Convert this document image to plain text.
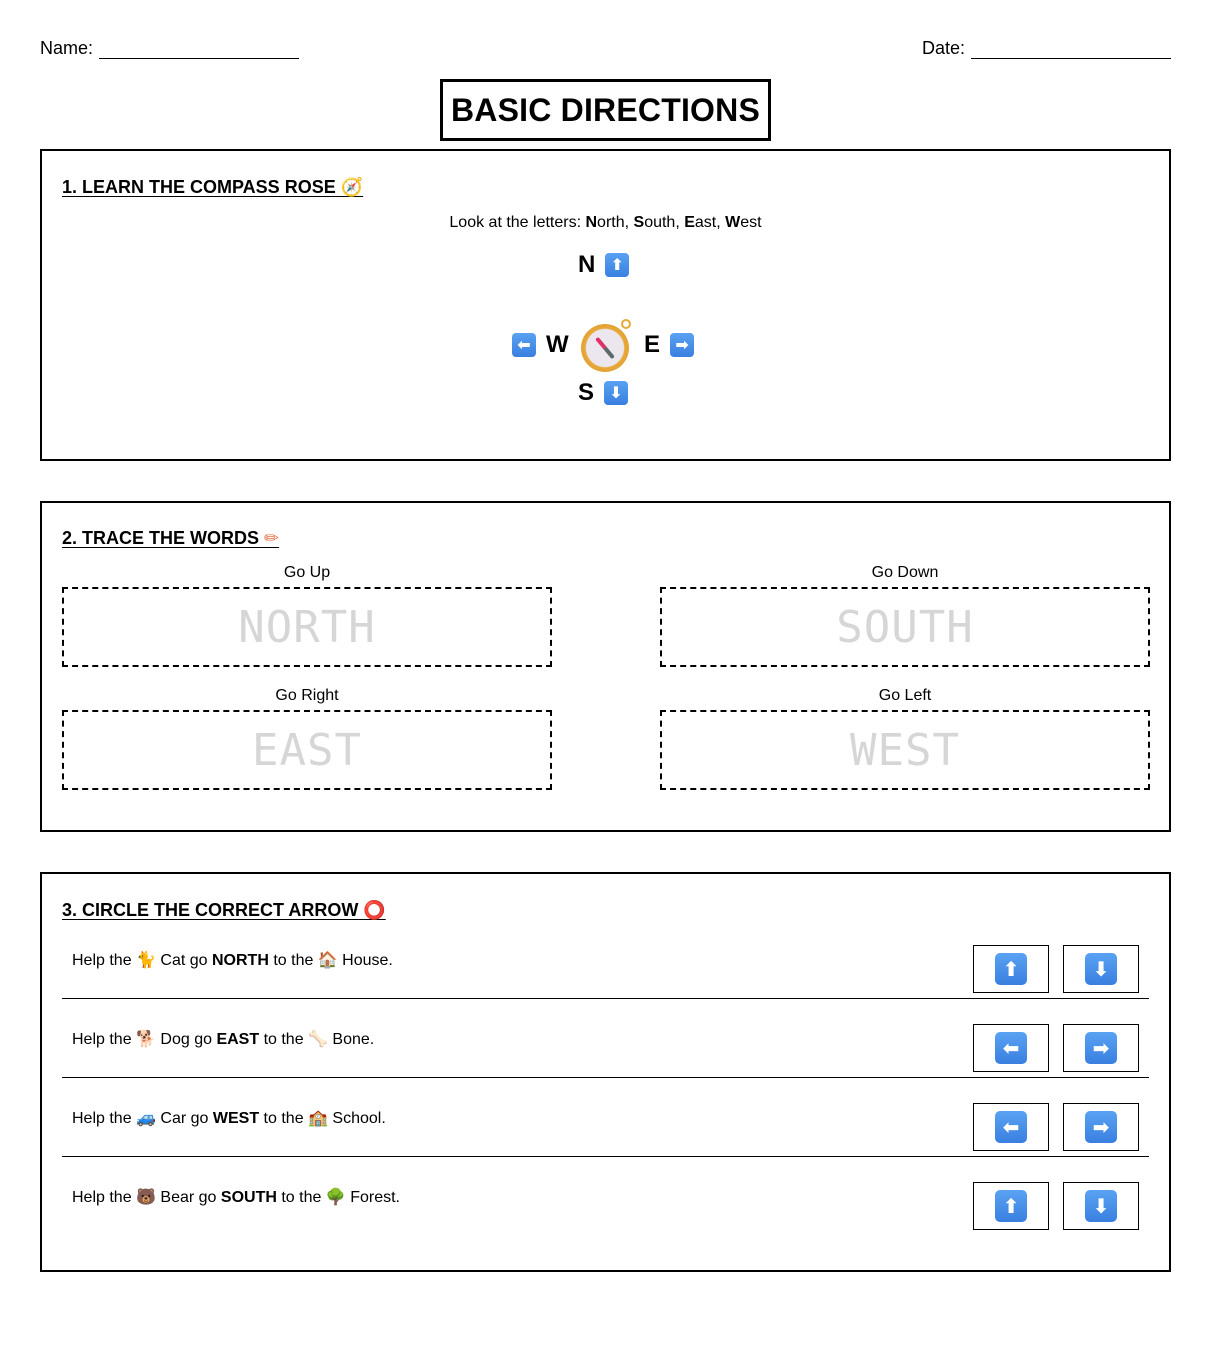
Name:	Date:
BASIC DIRECTIONS
1. LEARN THE COMPASS ROSE 🧭
Look at the letters: North, South, East, West
N ⬆
⬅ W	E ➡
S ⬇
2. TRACE THE WORDS ✏
Go Up
NORTH
Go Down
SOUTH
Go Right
EAST
Go Left
WEST
3. CIRCLE THE CORRECT ARROW ⭕
Help the 🐈 Cat go NORTH to the 🏠 House.	⬆	⬇
Help the 🐕 Dog go EAST to the 🦴 Bone.	⬅	➡
Help the 🚙 Car go WEST to the 🏫 School.	⬅	➡
Help the 🐻 Bear go SOUTH to the 🌳 Forest.	⬆	⬇
